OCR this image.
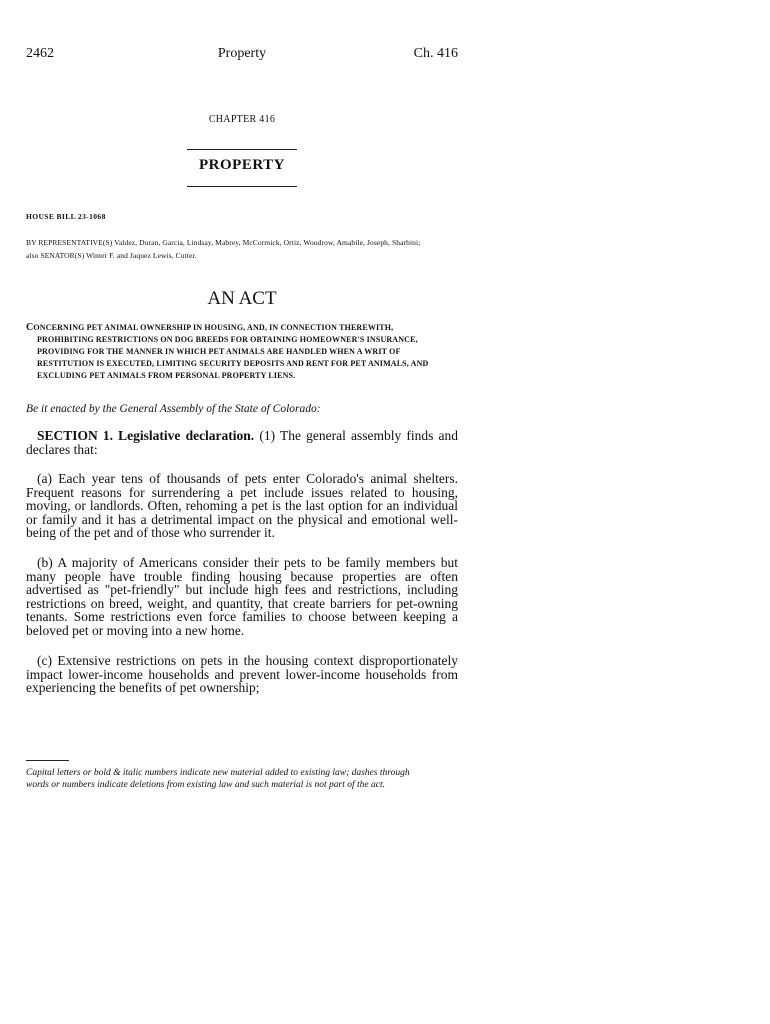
2462	Property	Ch. 416
CHAPTER 416
PROPERTY
HOUSE BILL 23-1068
BY REPRESENTATIVE(S) Valdez, Duran, Garcia, Lindsay, Mabrey, McCormick, Ortiz, Woodrow, Amabile, Joseph, Sharbini;
also SENATOR(S) Winter F. and Jaquez Lewis, Cutter.
AN ACT
CONCERNING PET ANIMAL OWNERSHIP IN HOUSING, AND, IN CONNECTION THEREWITH,
PROHIBITING RESTRICTIONS ON DOG BREEDS FOR OBTAINING HOMEOWNER'S INSURANCE,
PROVIDING FOR THE MANNER IN WHICH PET ANIMALS ARE HANDLED WHEN A WRIT OF
RESTITUTION IS EXECUTED, LIMITING SECURITY DEPOSITS AND RENT FOR PET ANIMALS, AND
EXCLUDING PET ANIMALS FROM PERSONAL PROPERTY LIENS.
Be it enacted by the General Assembly of the State of Colorado:
SECTION 1. Legislative declaration. (1) The general assembly finds and declares that:
(a) Each year tens of thousands of pets enter Colorado's animal shelters. Frequent reasons for surrendering a pet include issues related to housing, moving, or landlords. Often, rehoming a pet is the last option for an individual or family and it has a detrimental impact on the physical and emotional well-being of the pet and of those who surrender it.
(b) A majority of Americans consider their pets to be family members but many people have trouble finding housing because properties are often advertised as "pet-friendly" but include high fees and restrictions, including restrictions on breed, weight, and quantity, that create barriers for pet-owning tenants. Some restrictions even force families to choose between keeping a beloved pet or moving into a new home.
(c) Extensive restrictions on pets in the housing context disproportionately impact lower-income households and prevent lower-income households from experiencing the benefits of pet ownership;
Capital letters or bold & italic numbers indicate new material added to existing law; dashes through
words or numbers indicate deletions from existing law and such material is not part of the act.
